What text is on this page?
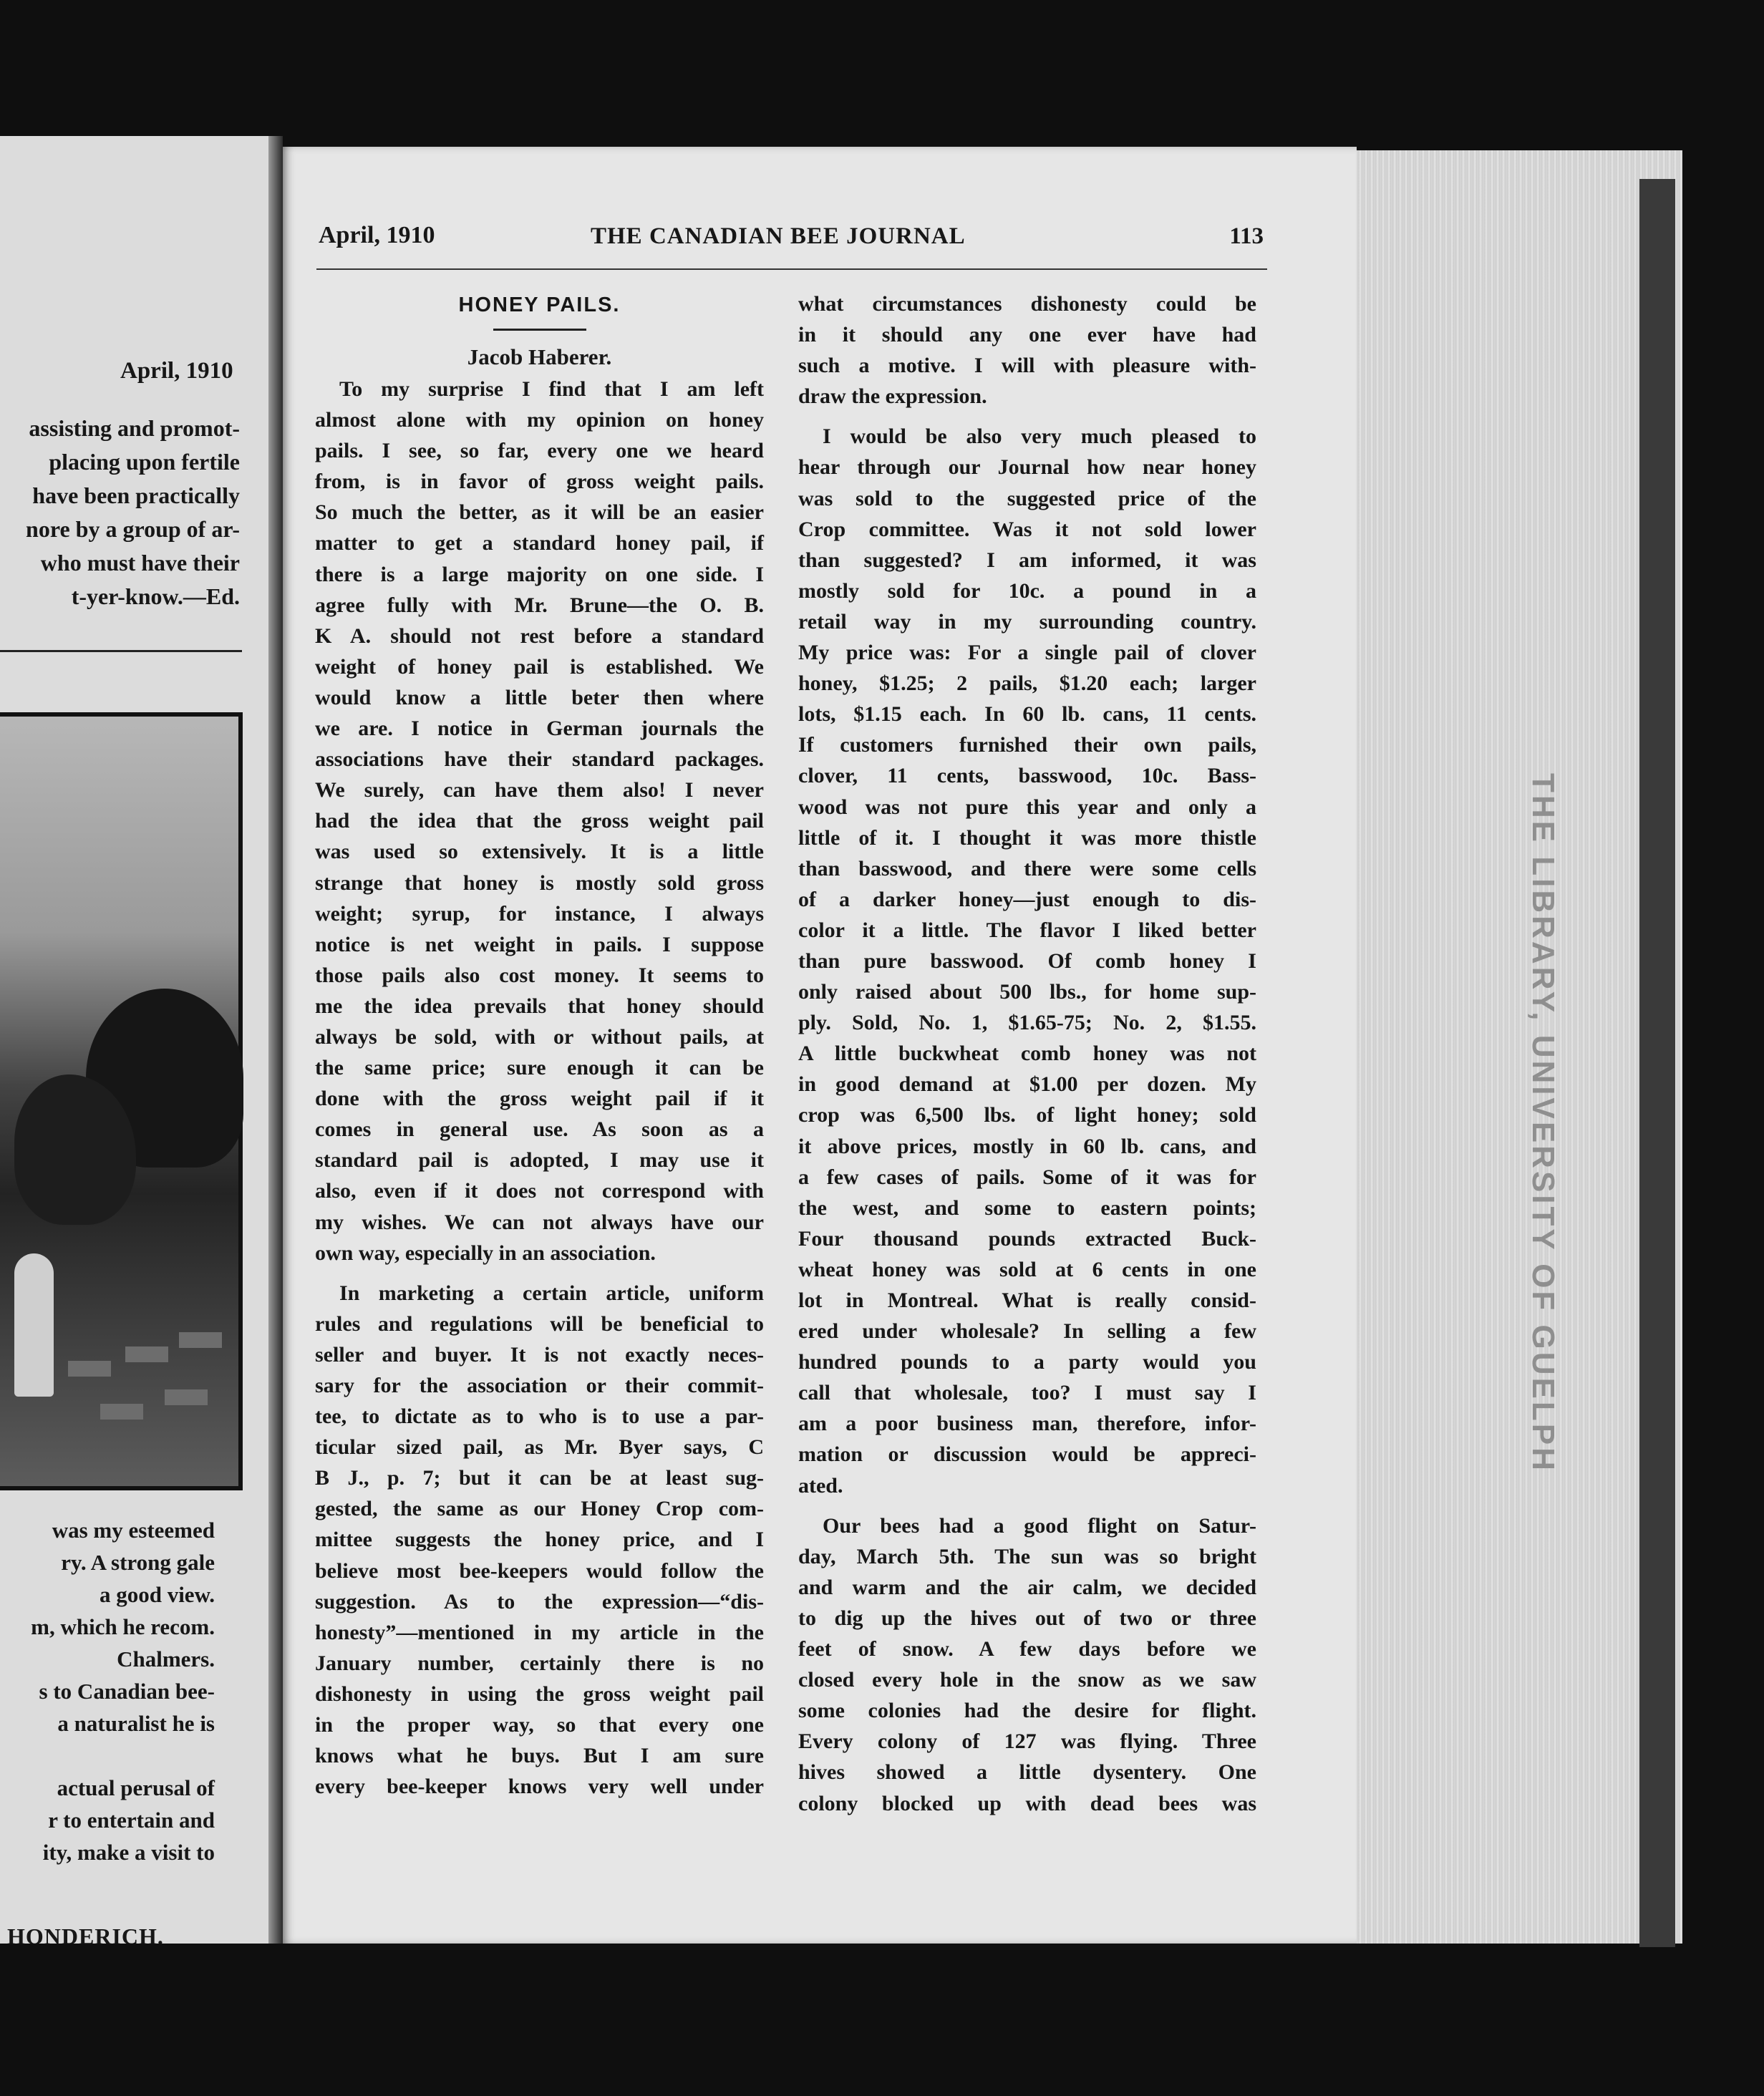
April, 1910
assisting and promot-
placing upon fertile
have been practically
nore by a group of ar-
who must have their
t-yer-know.—Ed.
was my esteemed
ry. A strong gale
a good view.
m, which he recom.
Chalmers.
s to Canadian bee-
a naturalist he is
actual perusal of
r to entertain and
ity, make a visit to
HONDERICH.
April, 1910	THE CANADIAN BEE JOURNAL	113
HONEY PAILS.
Jacob Haberer.
To my surprise I find that I am left
almost alone with my opinion on honey
pails. I see, so far, every one we heard
from, is in favor of gross weight pails.
So much the better, as it will be an easier
matter to get a standard honey pail, if
there is a large majority on one side. I
agree fully with Mr. Brune—the O. B.
K A. should not rest before a standard
weight of honey pail is established. We
would know a little beter then where
we are. I notice in German journals the
associations have their standard packages.
We surely, can have them also! I never
had the idea that the gross weight pail
was used so extensively. It is a little
strange that honey is mostly sold gross
weight; syrup, for instance, I always
notice is net weight in pails. I suppose
those pails also cost money. It seems to
me the idea prevails that honey should
always be sold, with or without pails, at
the same price; sure enough it can be
done with the gross weight pail if it
comes in general use. As soon as a
standard pail is adopted, I may use it
also, even if it does not correspond with
my wishes. We can not always have our
own way, especially in an association.
In marketing a certain article, uniform
rules and regulations will be beneficial to
seller and buyer. It is not exactly neces-
sary for the association or their commit-
tee, to dictate as to who is to use a par-
ticular sized pail, as Mr. Byer says, C
B J., p. 7; but it can be at least sug-
gested, the same as our Honey Crop com-
mittee suggests the honey price, and I
believe most bee-keepers would follow the
suggestion. As to the expression—“dis-
honesty”—mentioned in my article in the
January number, certainly there is no
dishonesty in using the gross weight pail
in the proper way, so that every one
knows what he buys. But I am sure
every bee-keeper knows very well under
what circumstances dishonesty could be
in it should any one ever have had
such a motive. I will with pleasure with-
draw the expression.
I would be also very much pleased to
hear through our Journal how near honey
was sold to the suggested price of the
Crop committee. Was it not sold lower
than suggested? I am informed, it was
mostly sold for 10c. a pound in a
retail way in my surrounding country.
My price was: For a single pail of clover
honey, $1.25; 2 pails, $1.20 each; larger
lots, $1.15 each. In 60 lb. cans, 11 cents.
If customers furnished their own pails,
clover, 11 cents, basswood, 10c. Bass-
wood was not pure this year and only a
little of it. I thought it was more thistle
than basswood, and there were some cells
of a darker honey—just enough to dis-
color it a little. The flavor I liked better
than pure basswood. Of comb honey I
only raised about 500 lbs., for home sup-
ply. Sold, No. 1, $1.65-75; No. 2, $1.55.
A little buckwheat comb honey was not
in good demand at $1.00 per dozen. My
crop was 6,500 lbs. of light honey; sold
it above prices, mostly in 60 lb. cans, and
a few cases of pails. Some of it was for
the west, and some to eastern points;
Four thousand pounds extracted Buck-
wheat honey was sold at 6 cents in one
lot in Montreal. What is really consid-
ered under wholesale? In selling a few
hundred pounds to a party would you
call that wholesale, too? I must say I
am a poor business man, therefore, infor-
mation or discussion would be appreci-
ated.
Our bees had a good flight on Satur-
day, March 5th. The sun was so bright
and warm and the air calm, we decided
to dig up the hives out of two or three
feet of snow. A few days before we
closed every hole in the snow as we saw
some colonies had the desire for flight.
Every colony of 127 was flying. Three
hives showed a little dysentery. One
colony blocked up with dead bees was
THE LIBRARY, UNIVERSITY OF GUELPH
